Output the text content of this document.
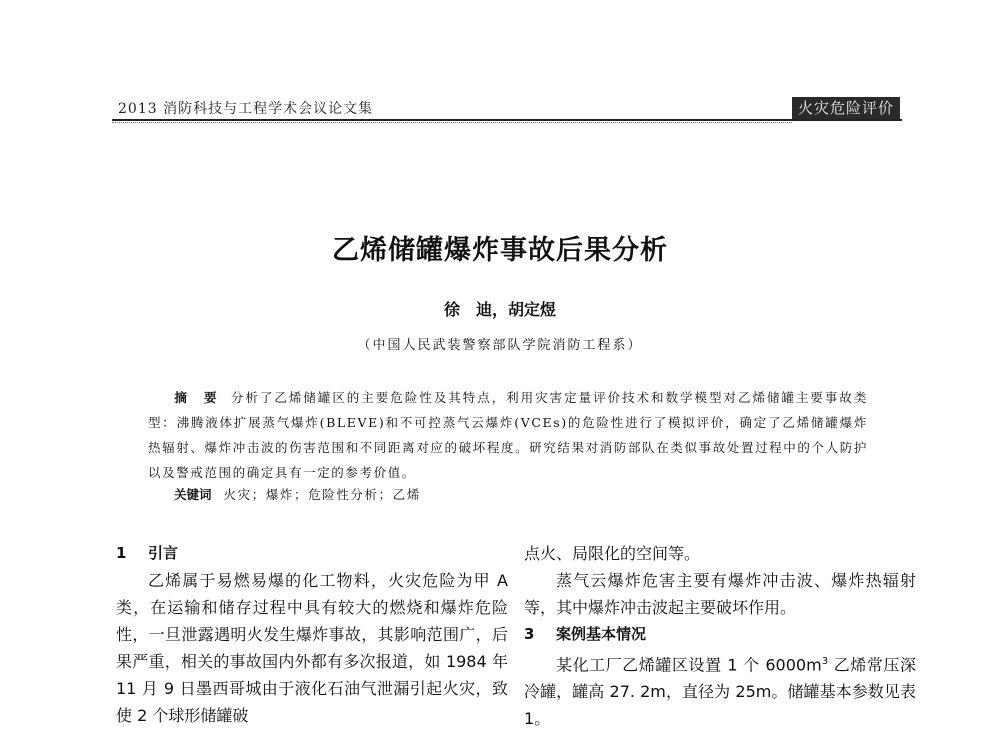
2013 消防科技与工程学术会议论文集	火灾危险评价
乙烯储罐爆炸事故后果分析
徐　迪，胡定煜
（中国人民武装警察部队学院消防工程系）
摘 要 分析了乙烯储罐区的主要危险性及其特点，利用灾害定量评价技术和数学模型对乙烯储罐主要事故类型：沸腾液体扩展蒸气爆炸(BLEVE)和不可控蒸气云爆炸(VCEs)的危险性进行了模拟评价，确定了乙烯储罐爆炸热辐射、爆炸冲击波的伤害范围和不同距离对应的破坏程度。研究结果对消防部队在类似事故处置过程中的个人防护以及警戒范围的确定具有一定的参考价值。
关键词 火灾；爆炸；危险性分析；乙烯
1 引言

乙烯属于易燃易爆的化工物料，火灾危险为甲 A 类，在运输和储存过程中具有较大的燃烧和爆炸危险性，一旦泄露遇明火发生爆炸事故，其影响范围广，后果严重，相关的事故国内外都有多次报道，如 1984 年 11 月 9 日墨西哥城由于液化石油气泄漏引起火灾，致使 2 个球形储罐破

点火、局限化的空间等。

蒸气云爆炸危害主要有爆炸冲击波、爆炸热辐射等，其中爆炸冲击波起主要破坏作用。

3 案例基本情况

某化工厂乙烯罐区设置 1 个 $6000m^3$ 乙烯常压深冷罐，罐高 27. 2m，直径为 25m。储罐基本参数见表 1。
